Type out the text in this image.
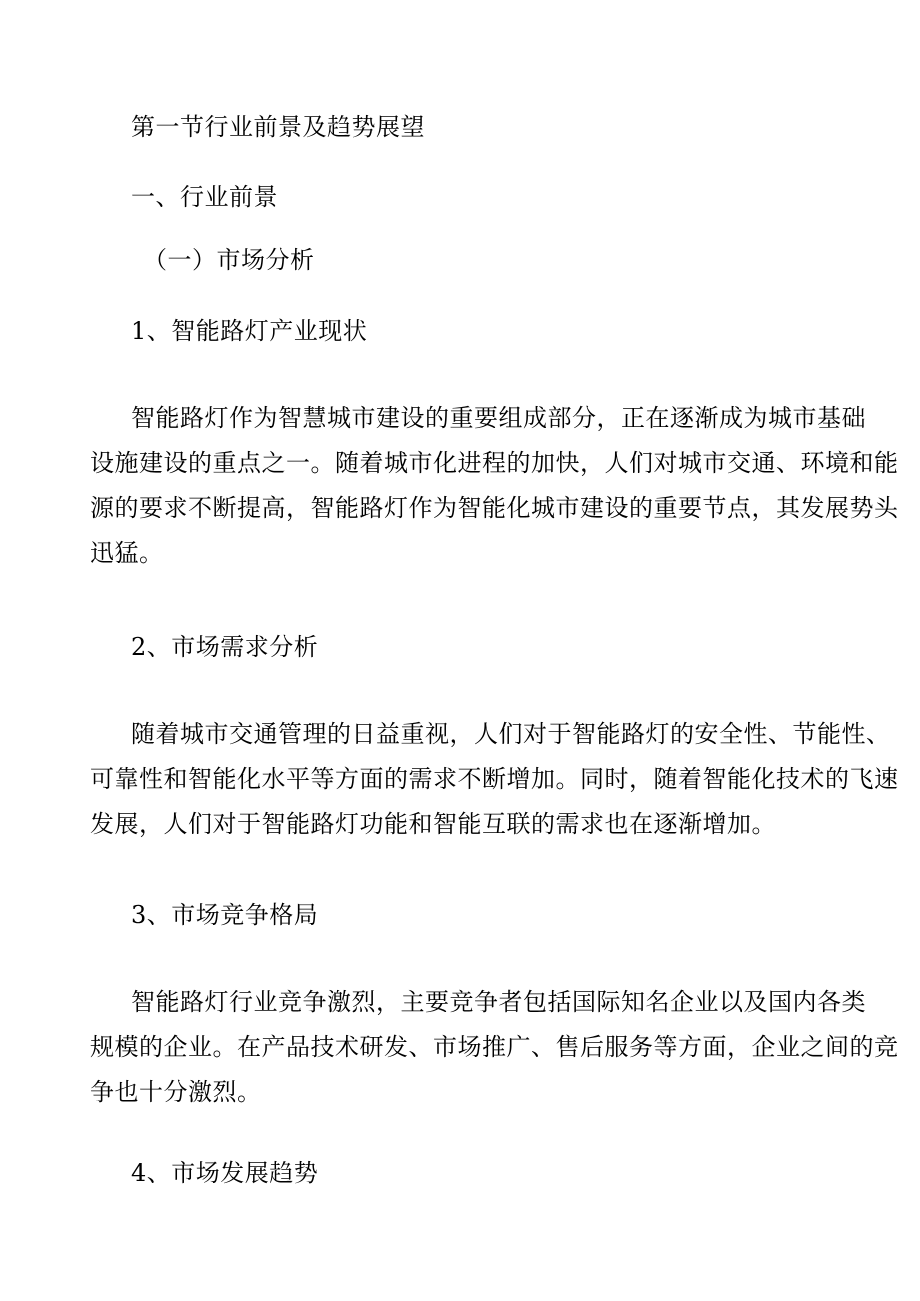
第一节行业前景及趋势展望
一、行业前景
（一）市场分析
1、智能路灯产业现状
智能路灯作为智慧城市建设的重要组成部分，正在逐渐成为城市基础
设施建设的重点之一。随着城市化进程的加快，人们对城市交通、环境和能
源的要求不断提高，智能路灯作为智能化城市建设的重要节点，其发展势头
迅猛。
2、市场需求分析
随着城市交通管理的日益重视，人们对于智能路灯的安全性、节能性、
可靠性和智能化水平等方面的需求不断增加。同时，随着智能化技术的飞速
发展，人们对于智能路灯功能和智能互联的需求也在逐渐增加。
3、市场竞争格局
智能路灯行业竞争激烈，主要竞争者包括国际知名企业以及国内各类
规模的企业。在产品技术研发、市场推广、售后服务等方面，企业之间的竞
争也十分激烈。
4、市场发展趋势
